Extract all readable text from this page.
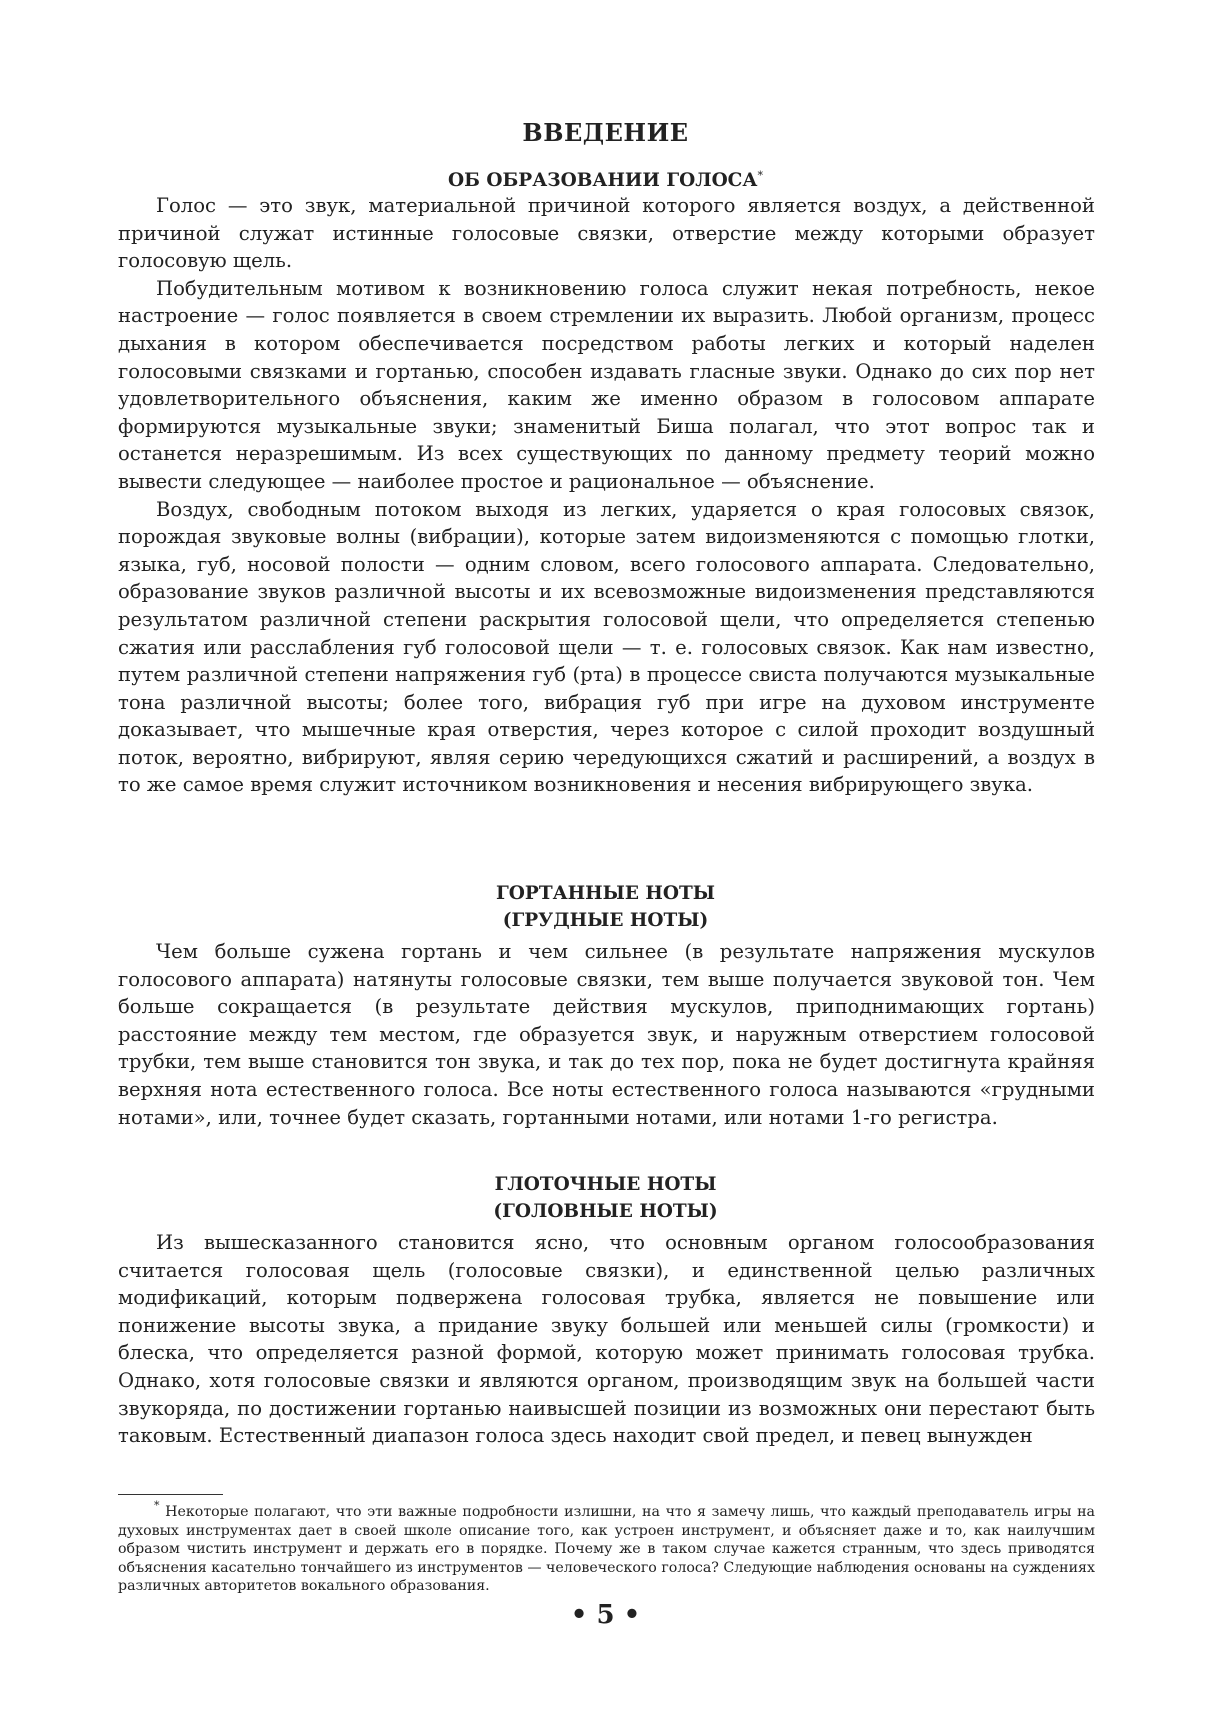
ВВЕДЕНИЕ
ОБ ОБРАЗОВАНИИ ГОЛОСА*

Голос — это звук, материальной причиной которого является воздух, а действенной причиной служат истинные голосовые связки, отверстие между которыми образует голосовую щель.

Побудительным мотивом к возникновению голоса служит некая потребность, некое настроение — голос появляется в своем стремлении их выразить. Любой организм, процесс дыхания в котором обеспечивается посредством работы легких и который наделен голосовыми связками и гортанью, способен издавать гласные звуки. Однако до сих пор нет удовлетворительного объяснения, каким же именно образом в голосовом аппарате формируются музыкальные звуки; знаменитый Биша полагал, что этот вопрос так и останется неразрешимым. Из всех существующих по данному предмету теорий можно вывести следующее — наиболее простое и рациональное — объяснение.

Воздух, свободным потоком выходя из легких, ударяется о края голосовых связок, порождая звуковые волны (вибрации), которые затем видоизменяются с помощью глотки, языка, губ, носовой полости — одним словом, всего голосового аппарата. Следовательно, образование звуков различной высоты и их всевозможные видоизменения представляются результатом различной степени раскрытия голосовой щели, что определяется степенью сжатия или расслабления губ голосовой щели — т. е. голосовых связок. Как нам известно, путем различной степени напряжения губ (рта) в процессе свиста получаются музыкальные тона различной высоты; более того, вибрация губ при игре на духовом инструменте доказывает, что мышечные края отверстия, через которое с силой проходит воздушный поток, вероятно, вибрируют, являя серию чередующихся сжатий и расширений, а воздух в то же самое время служит источником возникновения и несения вибрирующего звука.

ГОРТАННЫЕ НОТЫ
(ГРУДНЫЕ НОТЫ)

Чем больше сужена гортань и чем сильнее (в результате напряжения мускулов голосового аппарата) натянуты голосовые связки, тем выше получается звуковой тон. Чем больше сокращается (в результате действия мускулов, приподнимающих гортань) расстояние между тем местом, где образуется звук, и наружным отверстием голосовой трубки, тем выше становится тон звука, и так до тех пор, пока не будет достигнута крайняя верхняя нота естественного голоса. Все ноты естественного голоса называются «грудными нотами», или, точнее будет сказать, гортанными нотами, или нотами 1-го регистра.

ГЛОТОЧНЫЕ НОТЫ
(ГОЛОВНЫЕ НОТЫ)

Из вышесказанного становится ясно, что основным органом голосообразования считается голосовая щель (голосовые связки), и единственной целью различных модификаций, которым подвержена голосовая трубка, является не повышение или понижение высоты звука, а придание звуку большей или меньшей силы (громкости) и блеска, что определяется разной формой, которую может принимать голосовая трубка. Однако, хотя голосовые связки и являются органом, производящим звук на большей части звукоряда, по достижении гортанью наивысшей позиции из возможных они перестают быть таковым. Естественный диапазон голоса здесь находит свой предел, и певец вынужден

* Некоторые полагают, что эти важные подробности излишни, на что я замечу лишь, что каждый преподаватель игры на духовых инструментах дает в своей школе описание того, как устроен инструмент, и объясняет даже и то, как наилучшим образом чистить инструмент и держать его в порядке. Почему же в таком случае кажется странным, что здесь приводятся объяснения касательно тончайшего из инструментов — человеческого голоса? Следующие наблюдения основаны на суждениях различных авторитетов вокального образования.
• 5 •
